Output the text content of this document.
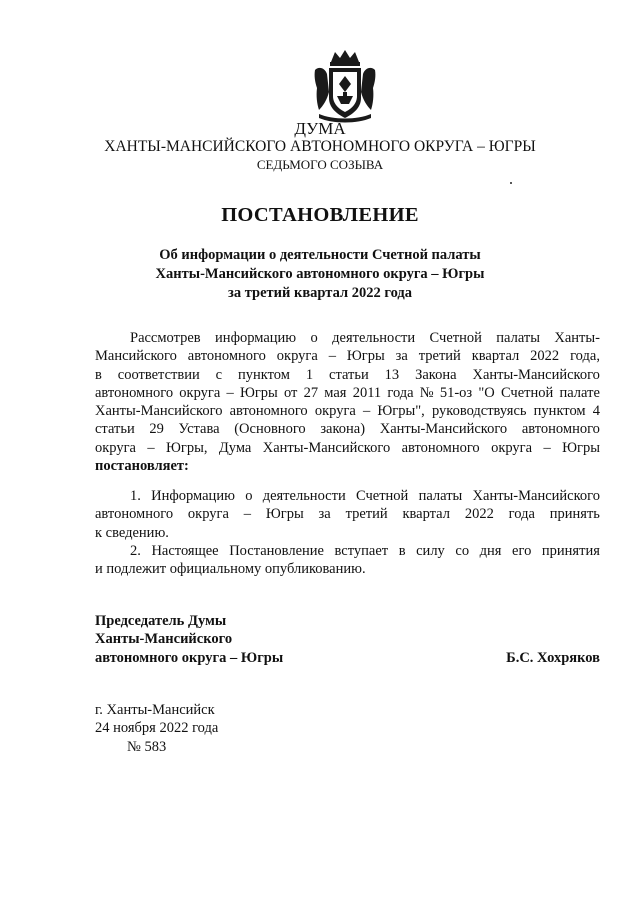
ДУМА
ХАНТЫ-МАНСИЙСКОГО АВТОНОМНОГО ОКРУГА – ЮГРЫ
СЕДЬМОГО СОЗЫВА
ПОСТАНОВЛЕНИЕ
Об информации о деятельности Счетной палаты
Ханты-Мансийского автономного округа – Югры
за третий квартал 2022 года
Рассмотрев информацию о деятельности Счетной палаты Ханты-
Мансийского автономного округа – Югры за третий квартал 2022 года,
в соответствии с пунктом 1 статьи 13 Закона Ханты-Мансийского
автономного округа – Югры от 27 мая 2011 года № 51-оз "О Счетной палате
Ханты-Мансийского автономного округа – Югры", руководствуясь пунктом 4
статьи 29 Устава (Основного закона) Ханты-Мансийского автономного
округа – Югры, Дума Ханты-Мансийского автономного округа – Югры
постановляет:
1. Информацию о деятельности Счетной палаты Ханты-Мансийского
автономного округа – Югры за третий квартал 2022 года принять
к сведению.
2. Настоящее Постановление вступает в силу со дня его принятия
и подлежит официальному опубликованию.
Председатель Думы
Ханты-Мансийского
автономного округа – Югры	Б.С. Хохряков
г. Ханты-Мансийск
24 ноября 2022 года
№ 583
